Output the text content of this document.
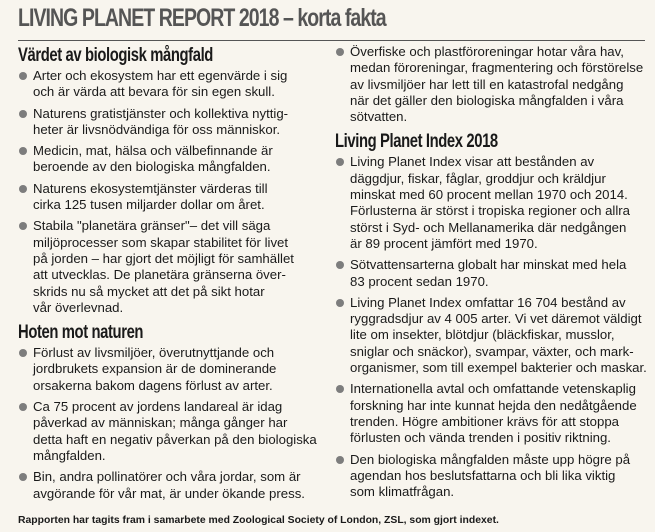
LIVING PLANET REPORT 2018 – korta fakta
Värdet av biologisk mångfald
Arter och ekosystem har ett egenvärde i sig
och är värda att bevara för sin egen skull.
Naturens gratistjänster och kollektiva nyttig-
heter är livsnödvändiga för oss människor.
Medicin, mat, hälsa och välbefinnande är
beroende av den biologiska mångfalden.
Naturens ekosystemtjänster värderas till
cirka 125 tusen miljarder dollar om året.
Stabila "planetära gränser"– det vill säga
miljöprocesser som skapar stabilitet för livet
på jorden – har gjort det möjligt för samhället
att utvecklas. De planetära gränserna över-
skrids nu så mycket att det på sikt hotar
vår överlevnad.
Hoten mot naturen
Förlust av livsmiljöer, överutnyttjande och
jordbrukets expansion är de dominerande
orsakerna bakom dagens förlust av arter.
Ca 75 procent av jordens landareal är idag
påverkad av människan; många gånger har
detta haft en negativ påverkan på den biologiska
mångfalden.
Bin, andra pollinatörer och våra jordar, som är
avgörande för vår mat, är under ökande press.
Överfiske och plastföroreningar hotar våra hav,
medan föroreningar, fragmentering och förstörelse
av livsmiljöer har lett till en katastrofal nedgång
när det gäller den biologiska mångfalden i våra
sötvatten.
Living Planet Index 2018
Living Planet Index visar att bestånden av
däggdjur, fiskar, fåglar, groddjur och kräldjur
minskat med 60 procent mellan 1970 och 2014.
Förlusterna är störst i tropiska regioner och allra
störst i Syd- och Mellanamerika där nedgången
är 89 procent jämfört med 1970.
Sötvattensarterna globalt har minskat med hela
83 procent sedan 1970.
Living Planet Index omfattar 16 704 bestånd av
ryggradsdjur av 4 005 arter. Vi vet däremot väldigt
lite om insekter, blötdjur (bläckfiskar, musslor,
sniglar och snäckor), svampar, växter, och mark-
organismer, som till exempel bakterier och maskar.
Internationella avtal och omfattande vetenskaplig
forskning har inte kunnat hejda den nedåtgående
trenden. Högre ambitioner krävs för att stoppa
förlusten och vända trenden i positiv riktning.
Den biologiska mångfalden måste upp högre på
agendan hos beslutsfattarna och bli lika viktig
som klimatfrågan.
Rapporten har tagits fram i samarbete med Zoological Society of London, ZSL, som gjort indexet.
